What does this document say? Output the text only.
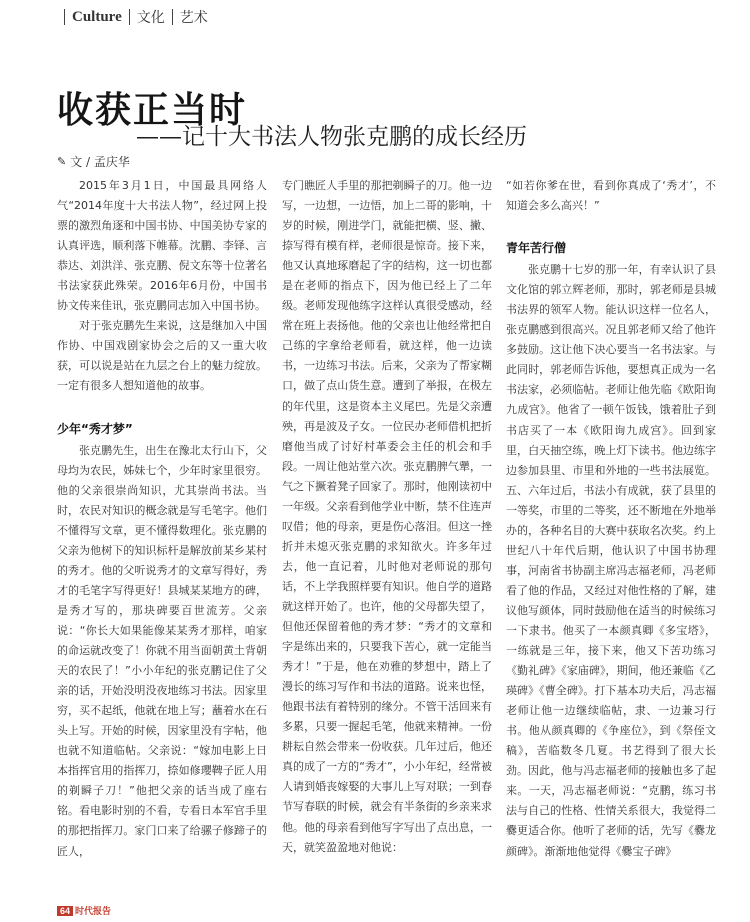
Culture 文化 艺术
收获正当时
——记十大书法人物张克鹏的成长经历
✎ 文 / 孟庆华

2015年3月1日，中国最具网络人气“2014年度十大书法人物”，经过网上投票的激烈角逐和中国书协、中国美协专家的认真评选，顺利落下帷幕。沈鹏、李铎、言恭达、刘洪洋、张克鹏、倪文东等十位著名书法家获此殊荣。2016年6月份，中国书协文传来佳讯，张克鹏同志加入中国书协。

对于张克鹏先生来说，这是继加入中国作协、中国戏剧家协会之后的又一重大收获，可以说是站在九层之台上的魅力绽放。一定有很多人想知道他的故事。

少年“秀才梦”

张克鹏先生，出生在豫北太行山下，父母均为农民，姊妹七个，少年时家里很穷。他的父亲很崇尚知识，尤其崇尚书法。当时，农民对知识的概念就是写毛笔字。他们不懂得写文章，更不懂得数理化。张克鹏的父亲为他树下的知识标杆是解放前某乡某村的秀才。他的父听说秀才的文章写得好，秀才的毛笔字写得更好！县城某某地方的碑，是秀才写的，那块碑要百世流芳。父亲说：“你长大如果能像某某秀才那样，咱家的命运就改变了！你就不用当面朝黄土背朝天的农民了！”小小年纪的张克鹏记住了父亲的话，开始没明没夜地练习书法。因家里穷，买不起纸，他就在地上写；蘸着水在石头上写。开始的时候，因家里没有字帖，他也就不知道临帖。父亲说：“嫁加电影上日本指挥官用的指挥刀，捺如修瓔鞞子匠人用的剃瞬子刀！”他把父亲的话当成了座右铭。看电影时别的不看，专看日本军官手里的那把指挥刀。家门口来了给骡子修蹄子的匠人，

专门瞧匠人手里的那把剃瞬子的刀。他一边写，一边想，一边悟，加上二哥的影响，十岁的时候，刚进学门，就能把横、竖、撇、捺写得有模有样，老师很是惊奇。接下来，他又认真地琢磨起了字的结构，这一切也都是在老师的指点下，因为他已经上了二年级。老师发现他练字这样认真很受感动，经常在班上表扬他。他的父亲也让他经常把自己练的字拿给老师看，就这样，他一边读书，一边练习书法。后来，父亲为了帮家糊口，做了点山货生意。遭到了举报，在极左的年代里，这是资本主义尾巴。先是父亲遭殃，再是波及子女。一位民办老师借机把折磨他当成了讨好村革委会主任的机会和手段。一周让他站堂六次。张克鹏脾气犟，一气之下撅着凳子回家了。那时，他刚读初中一年级。父亲看到他学业中断，禁不住连声叹借；他的母亲，更是伤心落泪。但这一挫折并未熄灭张克鹏的求知欲火。许多年过去，他一直记着，儿时他对老师说的那句话，不上学我照样要有知识。他自学的道路就这样开始了。也许，他的父母都失望了，但他还保留着他的秀才梦：“秀才的文章和字是练出来的，只要我下苦心，就一定能当秀才！”于是，他在劝雅的梦想中，踏上了漫长的练习写作和书法的道路。说来也怪，他跟书法有着特别的缘分。不管干活回来有多累，只要一握起毛笔，他就来精神。一份耕耘自然会带来一份收获。几年过后，他还真的成了一方的“秀才”，小小年纪，经常被人请到婚丧嫁娶的大事儿上写对联；一到春节写春联的时候，就会有半条街的乡亲来求他。他的母亲看到他写字写出了点出息，一天，就笑盈盈地对他说：

“如若你爹在世，看到你真成了‘秀才’，不知道会多么高兴！”

青年苦行僧

张克鹏十七岁的那一年，有幸认识了县文化馆的郭立辉老师，那时，郭老师是县城书法界的领军人物。能认识这样一位名人，张克鹏感到很高兴。况且郭老师又给了他许多鼓励。这让他下决心要当一名书法家。与此同时，郭老师告诉他，要想真正成为一名书法家，必须临帖。老师让他先临《欧阳询九成宫》。他省了一顿午饭钱，饿着肚子到书店买了一本《欧阳询九成宫》。回到家里，白天抽空练，晚上灯下读书。他边练字边参加县里、市里和外地的一些书法展览。五、六年过后，书法小有成就，获了县里的一等奖，市里的二等奖，还不断地在外地举办的，各种名目的大赛中获取名次奖。约上世纪八十年代后期，他认识了中国书协理事，河南省书协副主席冯志福老师，冯老师看了他的作品，又经过对他性格的了解，建议他写颜体，同时鼓励他在适当的时候练习一下隶书。他买了一本颜真卿《多宝塔》，一练就是三年，接下来，他又下苦功练习《勤礼碑》《家庙碑》，期间，他还兼临《乙瑛碑》《曹全碑》。打下基本功夫后，冯志福老师让他一边继续临帖，隶、一边兼习行书。他从颜真卿的《争座位》，到《祭侄文稿》，苦临数冬几夏。书艺得到了很大长劲。因此，他与冯志福老师的接触也多了起来。一天，冯志福老师说：“克鹏，练习书法与自己的性格、性情关系很大，我觉得二爨更适合你。他听了老师的话，先写《爨龙颜碑》。渐渐地他觉得《爨宝子碑》

64 时代报告
